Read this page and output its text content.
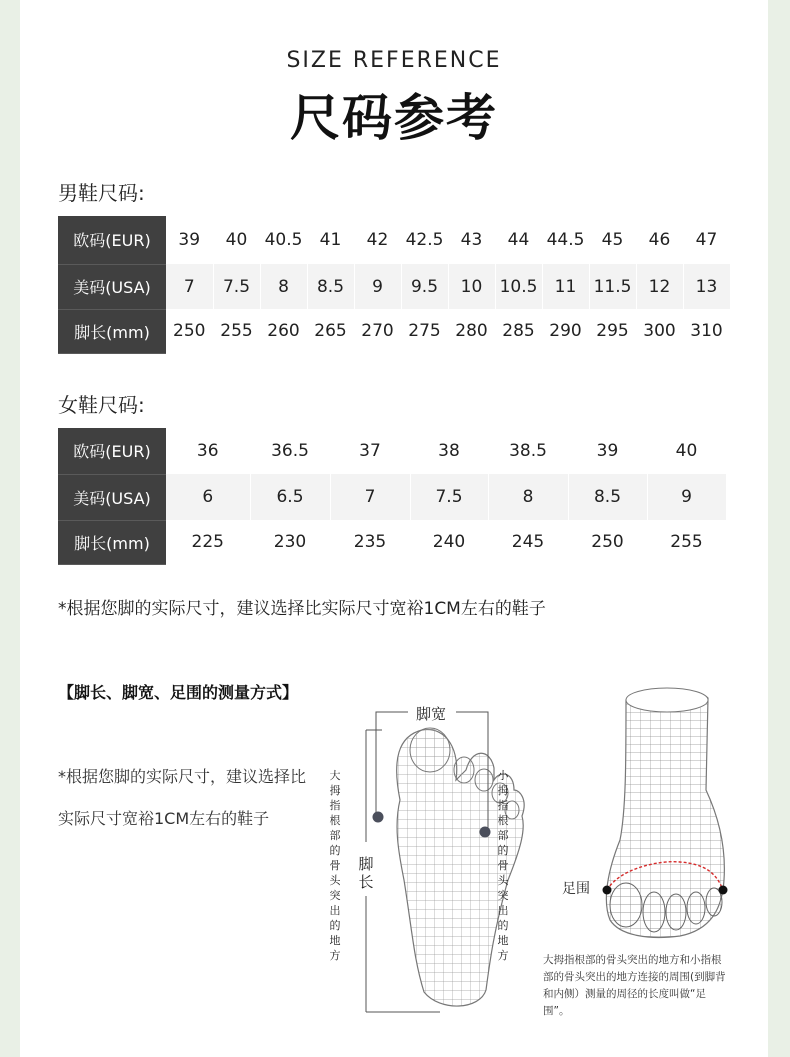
SIZE REFERENCE
尺码参考
男鞋尺码:
欧码(EUR)	39	40	40.5	41	42	42.5	43	44	44.5	45	46	47
美码(USA)	7	7.5	8	8.5	9	9.5	10	10.5	11	11.5	12	13
脚长(mm)	250	255	260	265	270	275	280	285	290	295	300	310
女鞋尺码:
欧码(EUR)	36	36.5	37	38	38.5	39	40
美码(USA)	6	6.5	7	7.5	8	8.5	9
脚长(mm)	225	230	235	240	245	250	255
*根据您脚的实际尺寸，建议选择比实际尺寸宽裕1CM左右的鞋子
【脚长、脚宽、足围的测量方式】
*根据您脚的实际尺寸，建议选择比实际尺寸宽裕1CM左右的鞋子
脚宽
脚
长
大
拇
指
根
部
的
骨
头
突
出
的
地
方
小
拇
指
根
部
的
骨
头
突
出
的
地
方
足围
大拇指根部的骨头突出的地方和小指根部的骨头突出的地方连接的周围(到脚背和内侧）测量的周径的长度叫做“足围”。
